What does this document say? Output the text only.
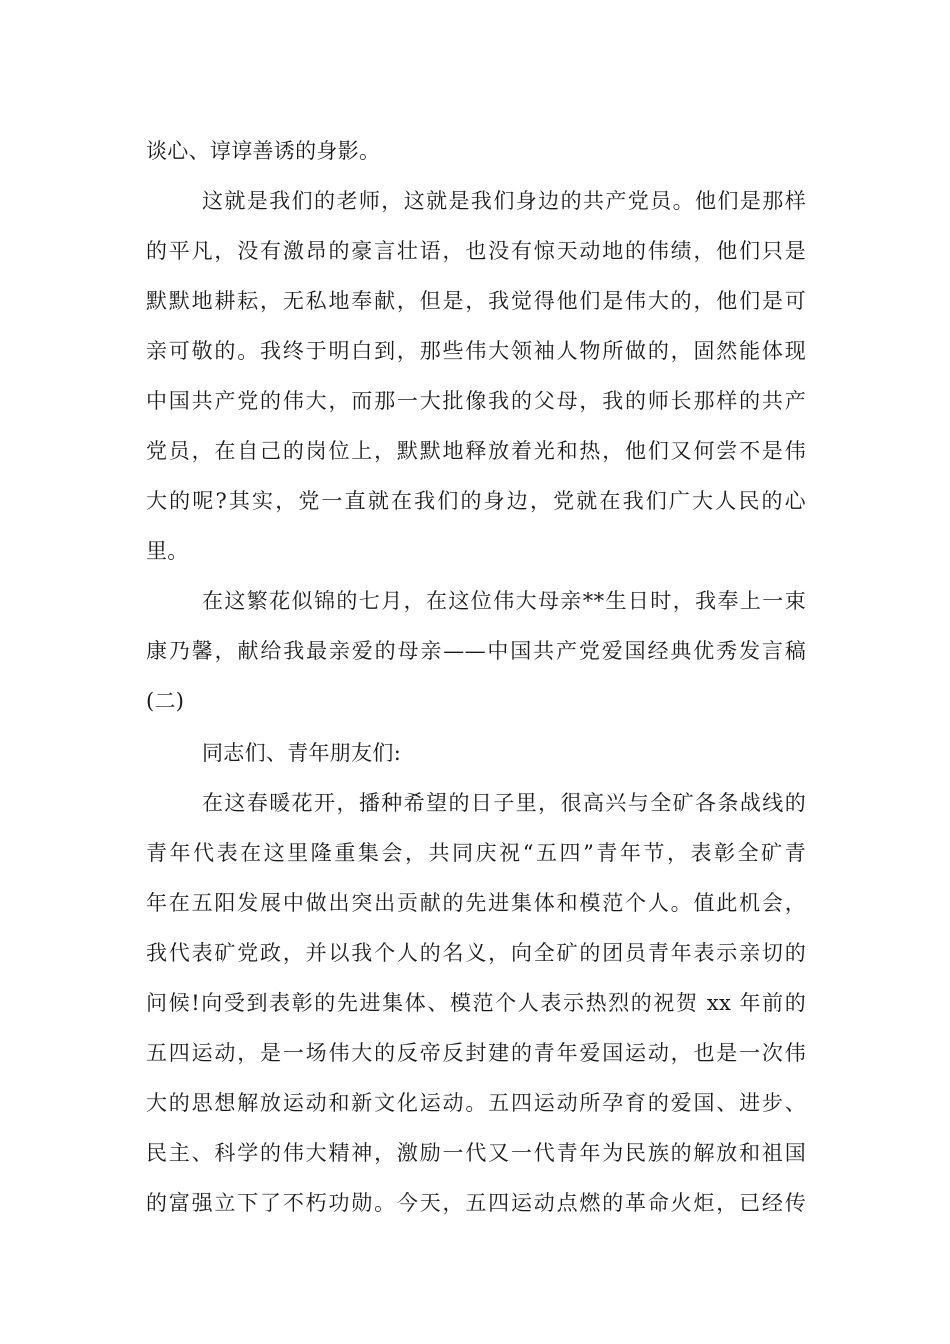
谈心、谆谆善诱的身影。
这就是我们的老师，这就是我们身边的共产党员。他们是那样
的平凡，没有激昂的豪言壮语，也没有惊天动地的伟绩，他们只是
默默地耕耘，无私地奉献，但是，我觉得他们是伟大的，他们是可
亲可敬的。我终于明白到，那些伟大领袖人物所做的，固然能体现
中国共产党的伟大，而那一大批像我的父母，我的师长那样的共产
党员，在自己的岗位上，默默地释放着光和热，他们又何尝不是伟
大的呢?其实，党一直就在我们的身边，党就在我们广大人民的心
里。
在这繁花似锦的七月，在这位伟大母亲**生日时，我奉上一束
康乃馨，献给我最亲爱的母亲——中国共产党爱国经典优秀发言稿
(二)
同志们、青年朋友们:
在这春暖花开，播种希望的日子里，很高兴与全矿各条战线的
青年代表在这里隆重集会，共同庆祝“五四”青年节，表彰全矿青
年在五阳发展中做出突出贡献的先进集体和模范个人。值此机会，
我代表矿党政，并以我个人的名义，向全矿的团员青年表示亲切的
问候!向受到表彰的先进集体、模范个人表示热烈的祝贺 xx 年前的
五四运动，是一场伟大的反帝反封建的青年爱国运动，也是一次伟
大的思想解放运动和新文化运动。五四运动所孕育的爱国、进步、
民主、科学的伟大精神，激励一代又一代青年为民族的解放和祖国
的富强立下了不朽功勋。今天，五四运动点燃的革命火炬，已经传
